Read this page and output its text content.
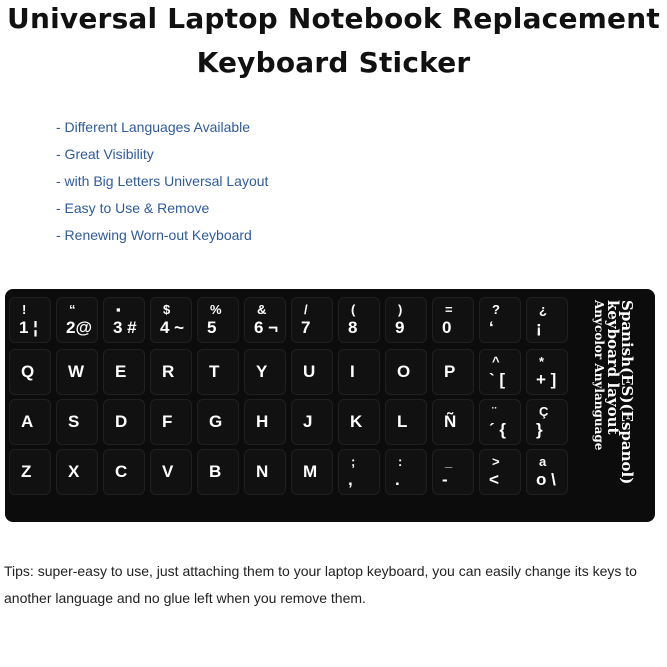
Universal Laptop Notebook Replacement
Keyboard Sticker
- Different Languages Available
- Great Visibility
- with Big Letters Universal Layout
- Easy to Use & Remove
- Renewing Worn-out Keyboard
!
1 ¦
“
2@
▪
3 #
$
4 ~
%
5
&
6 ¬
/
7
(
8
)
9
=
0
?
‘
¿
¡
Q W E R T Y U I O P
^
` [
*
+ ]
A S D F G H J K L Ñ
¨
´ {
Ç
}
Z X C V B N M
;
,
:
.
_
-
>
<
a
o \	Spanish(ES)(Espanol)
keyboard layout
Anycolor Anylanguage
Tips: super-easy to use, just attaching them to your laptop keyboard, you can easily change its keys to another language and no glue left when you remove them.
